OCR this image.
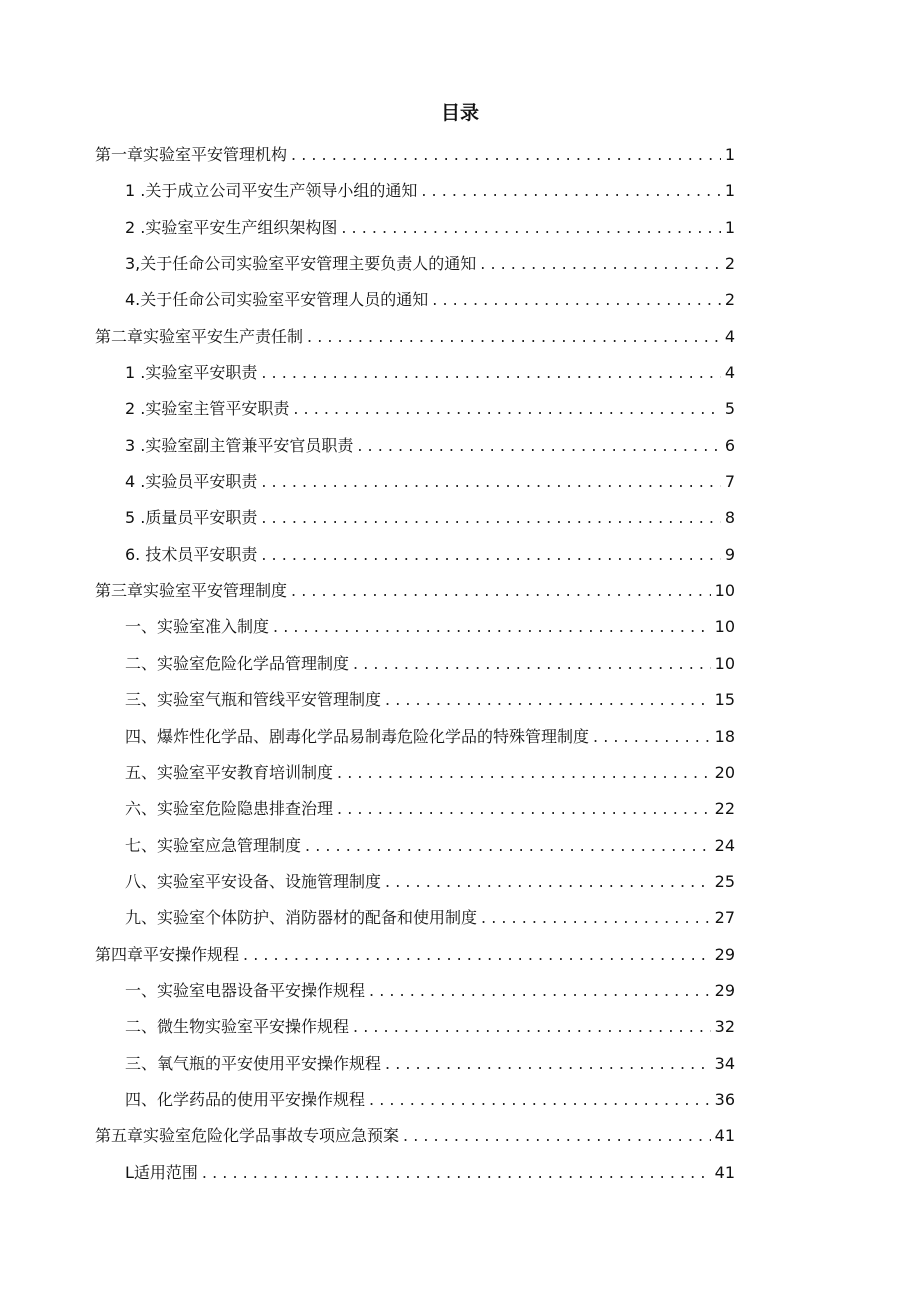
目录
第一章实验室平安管理机构 . . .	1
1 .关于成立公司平安生产领导小组的通知 . . .	1
2 .实验室平安生产组织架构图 . . .	1
3,关于任命公司实验室平安管理主要负责人的通知 . . .	2
4.关于任命公司实验室平安管理人员的通知 . . .	2
第二章实验室平安生产责任制 . . .	4
1 .实验室平安职责 . . .	4
2 .实验室主管平安职责 . . .	5
3 .实验室副主管兼平安官员职责 . . .	6
4 .实验员平安职责 . . .	7
5 .质量员平安职责 . . .	8
6. 技术员平安职责 . . .	9
第三章实验室平安管理制度 . . .	10
一、实验室准入制度 . . .	10
二、实验室危险化学品管理制度 . . .	10
三、实验室气瓶和管线平安管理制度 . . .	15
四、爆炸性化学品、剧毒化学品易制毒危险化学品的特殊管理制度 . . .	18
五、实验室平安教育培训制度 . . .	20
六、实验室危险隐患排查治理 . . .	22
七、实验室应急管理制度 . . .	24
八、实验室平安设备、设施管理制度 . . .	25
九、实验室个体防护、消防器材的配备和使用制度 . . .	27
第四章平安操作规程 . . .	29
一、实验室电器设备平安操作规程 . . .	29
二、微生物实验室平安操作规程 . . .	32
三、氧气瓶的平安使用平安操作规程 . . .	34
四、化学药品的使用平安操作规程 . . .	36
第五章实验室危险化学品事故专项应急预案 . . .	41
L适用范围 . . .	41
